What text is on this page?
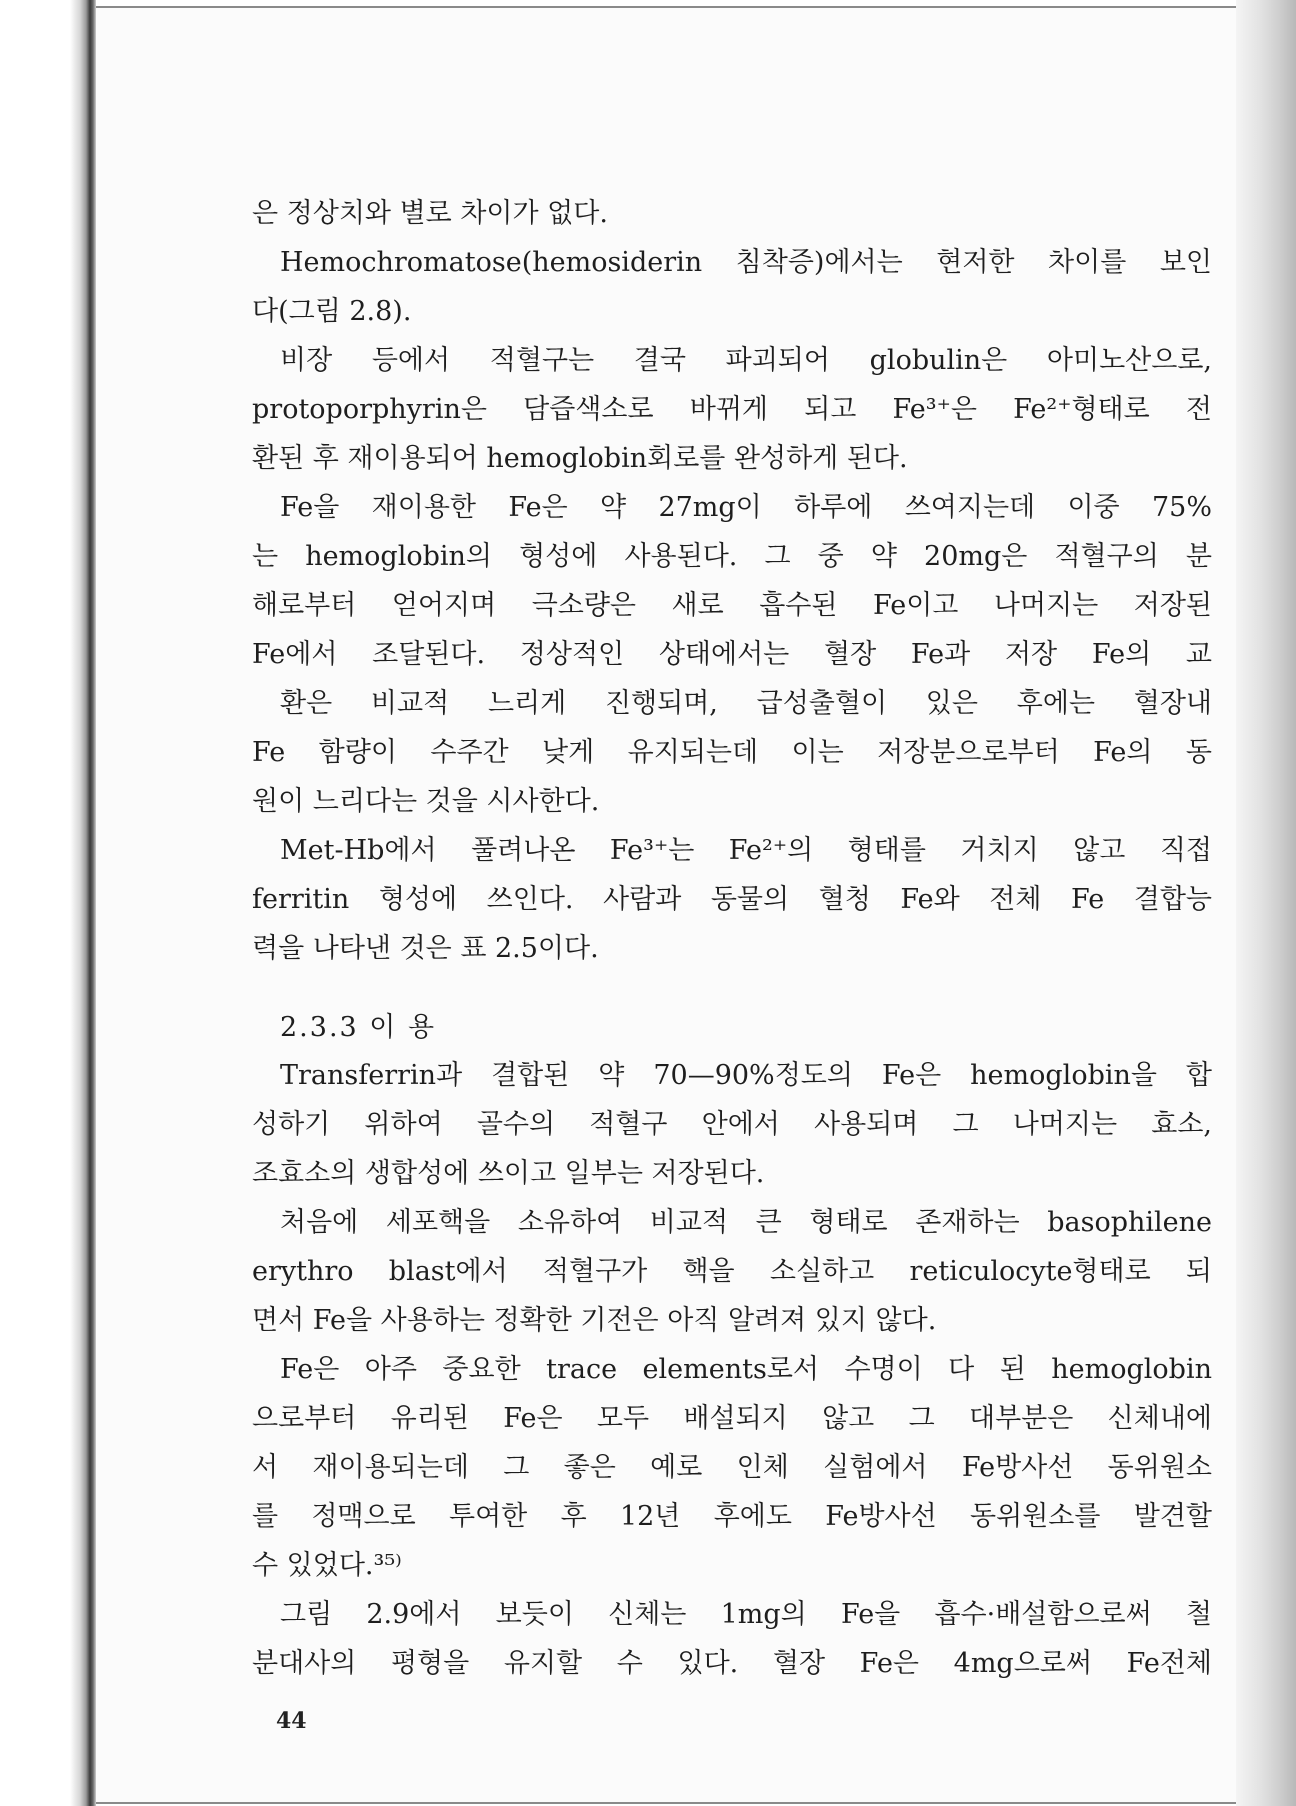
은 정상치와 별로 차이가 없다.
Hemochromatose(hemosiderin 침착증)에서는 현저한 차이를 보인
다(그림 2.8).
비장 등에서 적혈구는 결국 파괴되어 globulin은 아미노산으로,
protoporphyrin은 담즙색소로 바뀌게 되고 Fe³⁺은 Fe²⁺형태로 전
환된 후 재이용되어 hemoglobin회로를 완성하게 된다.
Fe을 재이용한 Fe은 약 27mg이 하루에 쓰여지는데 이중 75%
는 hemoglobin의 형성에 사용된다. 그 중 약 20mg은 적혈구의 분
해로부터 얻어지며 극소량은 새로 흡수된 Fe이고 나머지는 저장된
Fe에서 조달된다. 정상적인 상태에서는 혈장 Fe과 저장 Fe의 교
환은 비교적 느리게 진행되며, 급성출혈이 있은 후에는 혈장내
Fe 함량이 수주간 낮게 유지되는데 이는 저장분으로부터 Fe의 동
원이 느리다는 것을 시사한다.
Met-Hb에서 풀려나온 Fe³⁺는 Fe²⁺의 형태를 거치지 않고 직접
ferritin 형성에 쓰인다. 사람과 동물의 혈청 Fe와 전체 Fe 결합능
력을 나타낸 것은 표 2.5이다.
2.3.3 이 용
Transferrin과 결합된 약 70—90%정도의 Fe은 hemoglobin을 합
성하기 위하여 골수의 적혈구 안에서 사용되며 그 나머지는 효소,
조효소의 생합성에 쓰이고 일부는 저장된다.
처음에 세포핵을 소유하여 비교적 큰 형태로 존재하는 basophilene
erythro blast에서 적혈구가 핵을 소실하고 reticulocyte형태로 되
면서 Fe을 사용하는 정확한 기전은 아직 알려져 있지 않다.
Fe은 아주 중요한 trace elements로서 수명이 다 된 hemoglobin
으로부터 유리된 Fe은 모두 배설되지 않고 그 대부분은 신체내에
서 재이용되는데 그 좋은 예로 인체 실험에서 Fe방사선 동위원소
를 정맥으로 투여한 후 12년 후에도 Fe방사선 동위원소를 발견할
수 있었다.³⁵⁾
그림 2.9에서 보듯이 신체는 1mg의 Fe을 흡수·배설함으로써 철
분대사의 평형을 유지할 수 있다. 혈장 Fe은 4mg으로써 Fe전체
44
